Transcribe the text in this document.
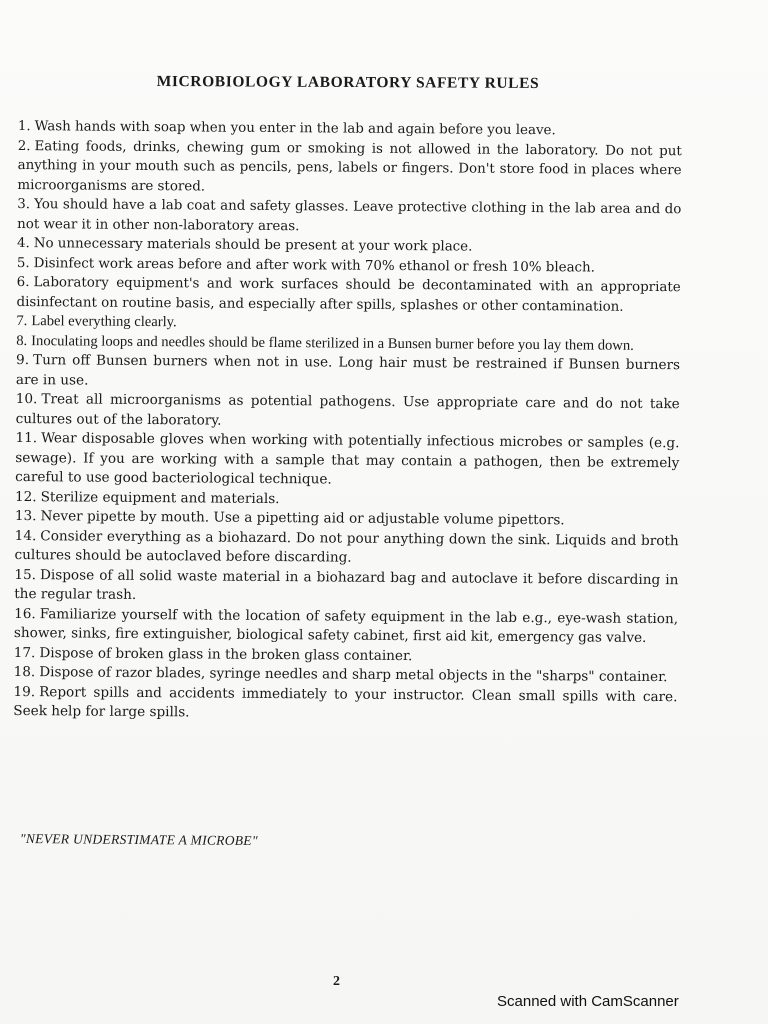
MICROBIOLOGY LABORATORY SAFETY RULES
1. Wash hands with soap when you enter in the lab and again before you leave.
2. Eating foods, drinks, chewing gum or smoking is not allowed in the laboratory. Do not put anything in your mouth such as pencils, pens, labels or fingers. Don't store food in places where microorganisms are stored.
3. You should have a lab coat and safety glasses. Leave protective clothing in the lab area and do not wear it in other non-laboratory areas.
4. No unnecessary materials should be present at your work place.
5. Disinfect work areas before and after work with 70% ethanol or fresh 10% bleach.
6. Laboratory equipment's and work surfaces should be decontaminated with an appropriate disinfectant on routine basis, and especially after spills, splashes or other contamination.
7. Label everything clearly.
8. Inoculating loops and needles should be flame sterilized in a Bunsen burner before you lay them down.
9. Turn off Bunsen burners when not in use. Long hair must be restrained if Bunsen burners are in use.
10. Treat all microorganisms as potential pathogens. Use appropriate care and do not take cultures out of the laboratory.
11. Wear disposable gloves when working with potentially infectious microbes or samples (e.g. sewage). If you are working with a sample that may contain a pathogen, then be extremely careful to use good bacteriological technique.
12. Sterilize equipment and materials.
13. Never pipette by mouth. Use a pipetting aid or adjustable volume pipettors.
14. Consider everything as a biohazard. Do not pour anything down the sink. Liquids and broth cultures should be autoclaved before discarding.
15. Dispose of all solid waste material in a biohazard bag and autoclave it before discarding in the regular trash.
16. Familiarize yourself with the location of safety equipment in the lab e.g., eye-wash station, shower, sinks, fire extinguisher, biological safety cabinet, first aid kit, emergency gas valve.
17. Dispose of broken glass in the broken glass container.
18. Dispose of razor blades, syringe needles and sharp metal objects in the "sharps" container.
19. Report spills and accidents immediately to your instructor. Clean small spills with care. Seek help for large spills.
"NEVER UNDERSTIMATE A MICROBE"
2
Scanned with CamScanner
